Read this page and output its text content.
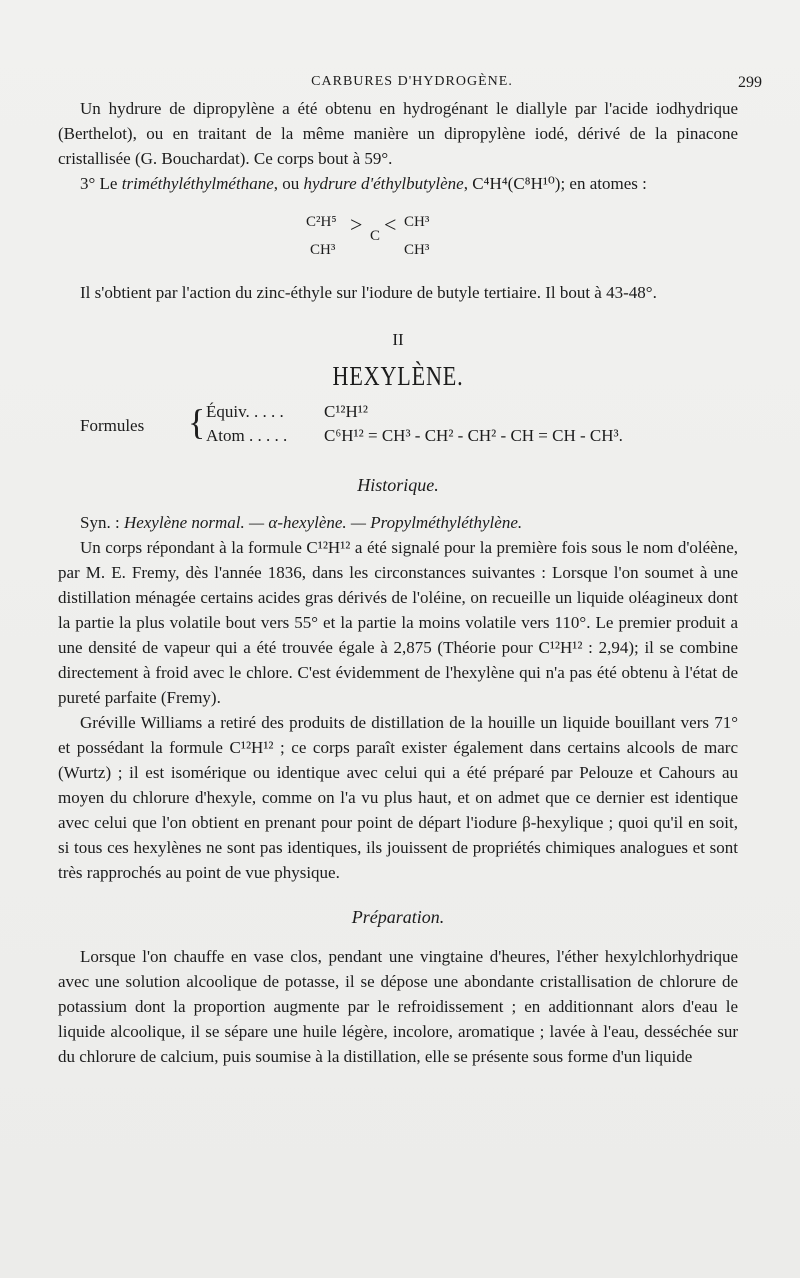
CARBURES D'HYDROGÈNE.	299

Un hydrure de dipropylène a été obtenu en hydrogénant le diallyle par l'acide iodhydrique (Berthelot), ou en traitant de la même manière un dipropylène iodé, dérivé de la pinacone cristallisée (G. Bouchardat). Ce corps bout à 59°.

3° Le triméthyléthylméthane, ou hydrure d'éthylbutylène, C⁴H⁴(C⁸H¹⁰); en atomes :

C²H⁵
CH³
> C < CH³
CH³

Il s'obtient par l'action du zinc-éthyle sur l'iodure de butyle tertiaire. Il bout à 43-48°.

II
HEXYLÈNE.
Formules { Équiv. . . . . C¹²H¹²
Atom . . . . . C⁶H¹² = CH³ - CH² - CH² - CH = CH - CH³.
Historique.

Syn. : Hexylène normal. — α-hexylène. — Propylméthyléthylène.

Un corps répondant à la formule C¹²H¹² a été signalé pour la première fois sous le nom d'oléène, par M. E. Fremy, dès l'année 1836, dans les circonstances suivantes : Lorsque l'on soumet à une distillation ménagée certains acides gras dérivés de l'oléine, on recueille un liquide oléagineux dont la partie la plus volatile bout vers 55° et la partie la moins volatile vers 110°. Le premier produit a une densité de vapeur qui a été trouvée égale à 2,875 (Théorie pour C¹²H¹² : 2,94); il se combine directement à froid avec le chlore. C'est évidemment de l'hexylène qui n'a pas été obtenu à l'état de pureté parfaite (Fremy).

Gréville Williams a retiré des produits de distillation de la houille un liquide bouillant vers 71° et possédant la formule C¹²H¹² ; ce corps paraît exister également dans certains alcools de marc (Wurtz) ; il est isomérique ou identique avec celui qui a été préparé par Pelouze et Cahours au moyen du chlorure d'hexyle, comme on l'a vu plus haut, et on admet que ce dernier est identique avec celui que l'on obtient en prenant pour point de départ l'iodure β-hexylique ; quoi qu'il en soit, si tous ces hexylènes ne sont pas identiques, ils jouissent de propriétés chimiques analogues et sont très rapprochés au point de vue physique.

Préparation.

Lorsque l'on chauffe en vase clos, pendant une vingtaine d'heures, l'éther hexylchlorhydrique avec une solution alcoolique de potasse, il se dépose une abondante cristallisation de chlorure de potassium dont la proportion augmente par le refroidissement ; en additionnant alors d'eau le liquide alcoolique, il se sépare une huile légère, incolore, aromatique ; lavée à l'eau, desséchée sur du chlorure de calcium, puis soumise à la distillation, elle se présente sous forme d'un liquide
